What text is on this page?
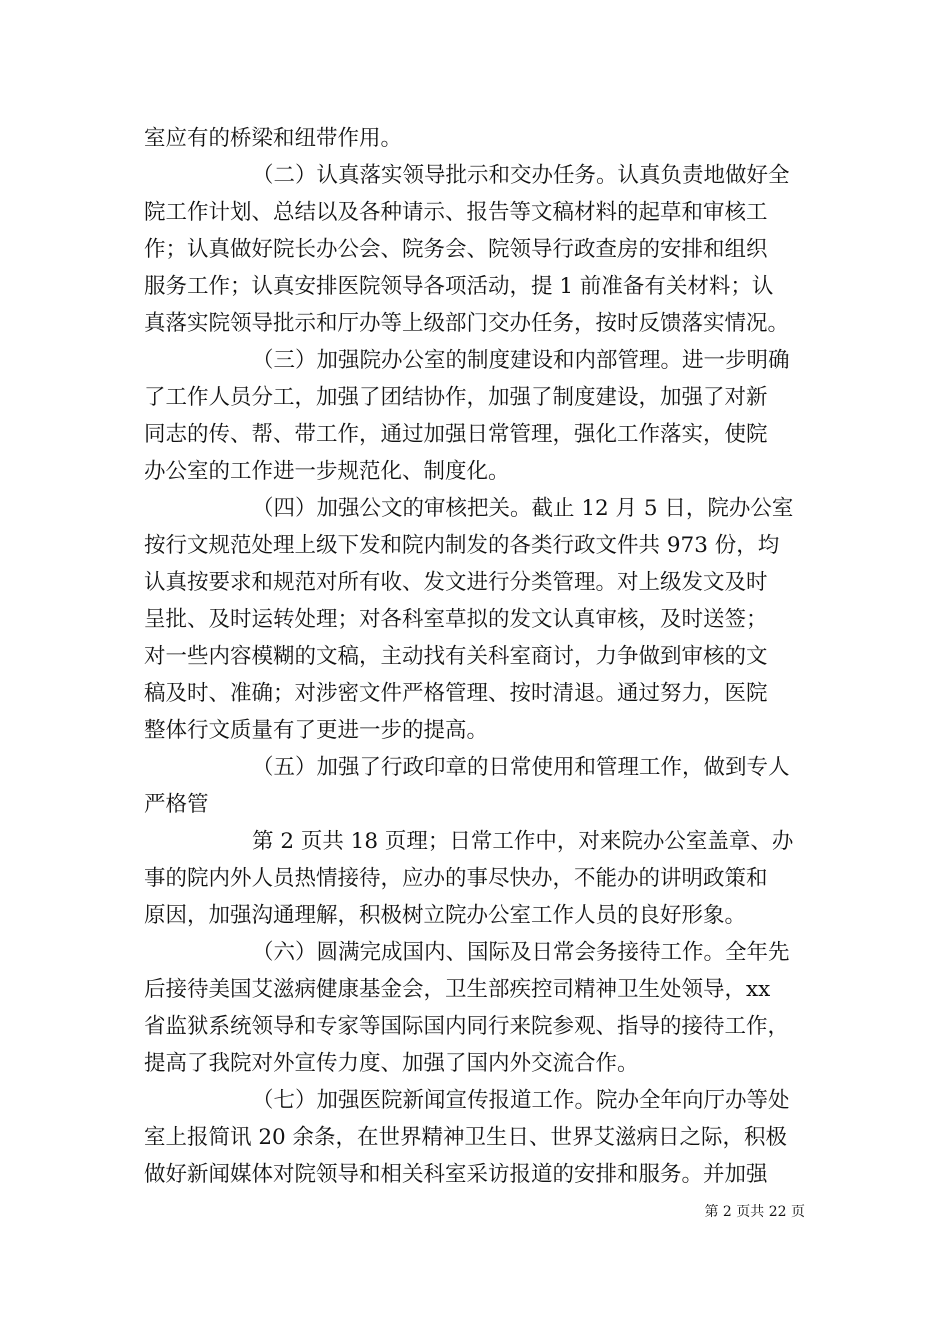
室应有的桥梁和纽带作用。
（二）认真落实领导批示和交办任务。认真负责地做好全
院工作计划、总结以及各种请示、报告等文稿材料的起草和审核工
作；认真做好院长办公会、院务会、院领导行政查房的安排和组织
服务工作；认真安排医院领导各项活动，提 1 前准备有关材料；认
真落实院领导批示和厅办等上级部门交办任务，按时反馈落实情况。
（三）加强院办公室的制度建设和内部管理。进一步明确
了工作人员分工，加强了团结协作，加强了制度建设，加强了对新
同志的传、帮、带工作，通过加强日常管理，强化工作落实，使院
办公室的工作进一步规范化、制度化。
（四）加强公文的审核把关。截止 12 月 5 日，院办公室
按行文规范处理上级下发和院内制发的各类行政文件共 973 份，均
认真按要求和规范对所有收、发文进行分类管理。对上级发文及时
呈批、及时运转处理；对各科室草拟的发文认真审核，及时送签；
对一些内容模糊的文稿，主动找有关科室商讨，力争做到审核的文
稿及时、准确；对涉密文件严格管理、按时清退。通过努力，医院
整体行文质量有了更进一步的提高。
（五）加强了行政印章的日常使用和管理工作，做到专人
严格管
第 2 页共 18 页理；日常工作中，对来院办公室盖章、办
事的院内外人员热情接待，应办的事尽快办，不能办的讲明政策和
原因，加强沟通理解，积极树立院办公室工作人员的良好形象。
（六）圆满完成国内、国际及日常会务接待工作。全年先
后接待美国艾滋病健康基金会，卫生部疾控司精神卫生处领导，xx
省监狱系统领导和专家等国际国内同行来院参观、指导的接待工作，
提高了我院对外宣传力度、加强了国内外交流合作。
（七）加强医院新闻宣传报道工作。院办全年向厅办等处
室上报简讯 20 余条，在世界精神卫生日、世界艾滋病日之际，积极
做好新闻媒体对院领导和相关科室采访报道的安排和服务。并加强
第 2 页共 22 页
